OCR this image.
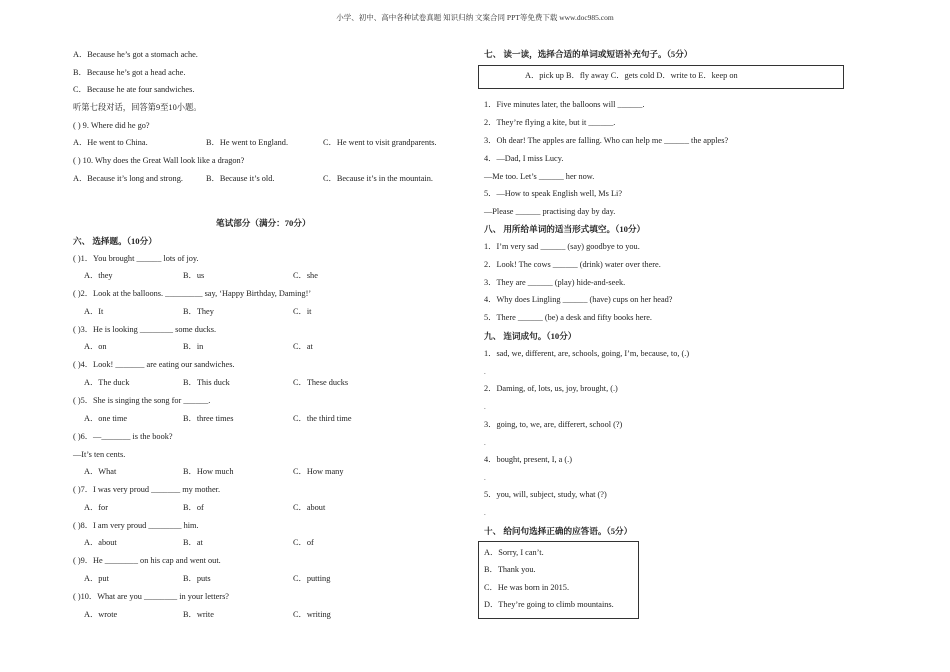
小学、初中、高中各种试卷真题 知识归纳 文案合同 PPT等免费下载 www.doc985.com
A．Because he’s got a stomach ache.
B．Because he’s got a head ache.
C．Because he ate four sandwiches.
听第七段对话，回答第9至10小题。
( ) 9. Where did he go?
A．He went to China.	B．He went to England.	C．He went to visit grandparents.
( ) 10. Why does the Great Wall look like a dragon?
A．Because it’s long and strong.	B．Because it’s old.	C．Because it’s in the mountain.
笔试部分（满分：70分）
六、 选择题。（10分）
( )1．You brought ______ lots of joy.
A．they	B．us	C．she
( )2．Look at the balloons. _________ say, ‘Happy Birthday, Daming!’
A．It	B．They	C．it
( )3．He is looking ________ some ducks.
A．on	B．in	C．at
( )4．Look! _______ are eating our sandwiches.
A．The duck	B．This duck	C．These ducks
( )5．She is singing the song for ______.
A．one time	B．three times	C．the third time
( )6．—_______ is the book?
—It’s ten cents.
A．What	B．How much	C．How many
( )7．I was very proud _______ my mother.
A．for	B．of	C．about
( )8．I am very proud ________ him.
A．about	B．at	C．of
( )9．He ________ on his cap and went out.
A．put	B．puts	C．putting
( )10．What are you ________ in your letters?
A．wrote	B．write	C．writing
七、 读一读，选择合适的单词或短语补充句子。（5分）
A．pick up B．fly away C．gets cold D．write to E．keep on
1．Five minutes later, the balloons will ______.
2．They’re flying a kite, but it ______.
3．Oh dear! The apples are falling. Who can help me ______ the apples?
4．—Dad, I miss Lucy.
—Me too. Let’s ______ her now.
5．—How to speak English well, Ms Li?
—Please ______ practising day by day.
八、 用所给单词的适当形式填空。（10分）
1．I’m very sad ______ (say) goodbye to you.
2．Look! The cows ______ (drink) water over there.
3．They are ______ (play) hide-and-seek.
4．Why does Lingling ______ (have) cups on her head?
5．There ______ (be) a desk and fifty books here.
九、 连词成句。（10分）
1．sad, we, different, are, schools, going, I’m, because, to, (.)
.
2．Daming, of, lots, us, joy, brought, (.)
.
3．going, to, we, are, differert, school (?)
.
4．bought, present, I, a (.)
.
5．you, will, subject, study, what (?)
.
十、 给问句选择正确的应答语。（5分）
A．Sorry, I can’t.
B．Thank you.
C．He was born in 2015.
D．They’re going to climb mountains.
